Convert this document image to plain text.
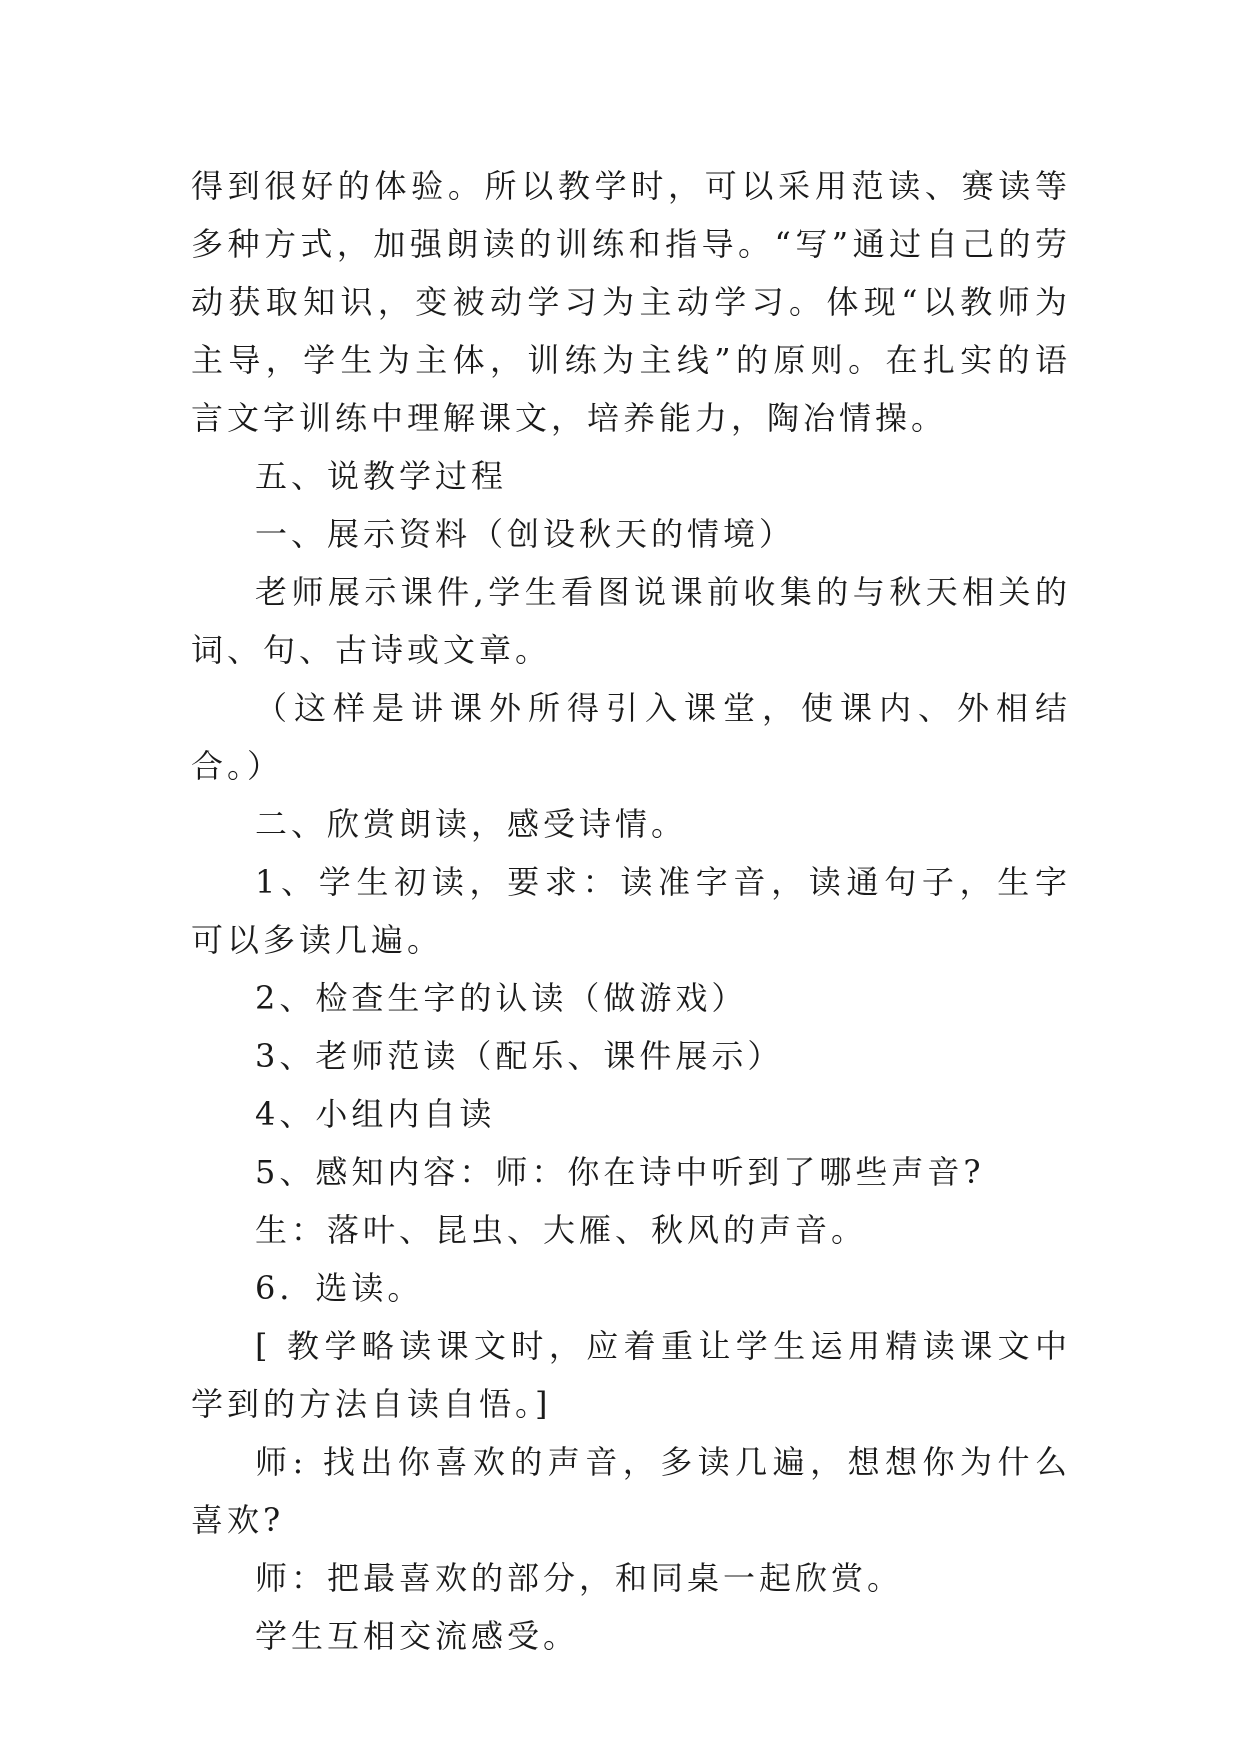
得到很好的体验。所以教学时，可以采用范读、赛读等多种方式，加强朗读的训练和指导。“写”通过自己的劳动获取知识，变被动学习为主动学习。体现“以教师为主导，学生为主体，训练为主线”的原则。在扎实的语言文字训练中理解课文，培养能力，陶冶情操。

五、说教学过程

一、展示资料（创设秋天的情境）

老师展示课件,学生看图说课前收集的与秋天相关的词、句、古诗或文章。

（这样是讲课外所得引入课堂，使课内、外相结合。）

二、欣赏朗读，感受诗情。

1、学生初读，要求：读准字音，读通句子，生字可以多读几遍。

2、检查生字的认读（做游戏）

3、老师范读（配乐、课件展示）

4、小组内自读

5、感知内容：师：你在诗中听到了哪些声音?

生：落叶、昆虫、大雁、秋风的声音。

6．选读。

[ 教学略读课文时，应着重让学生运用精读课文中学到的方法自读自悟。]

师: 找出你喜欢的声音，多读几遍，想想你为什么喜欢?

师：把最喜欢的部分，和同桌一起欣赏。

学生互相交流感受。
